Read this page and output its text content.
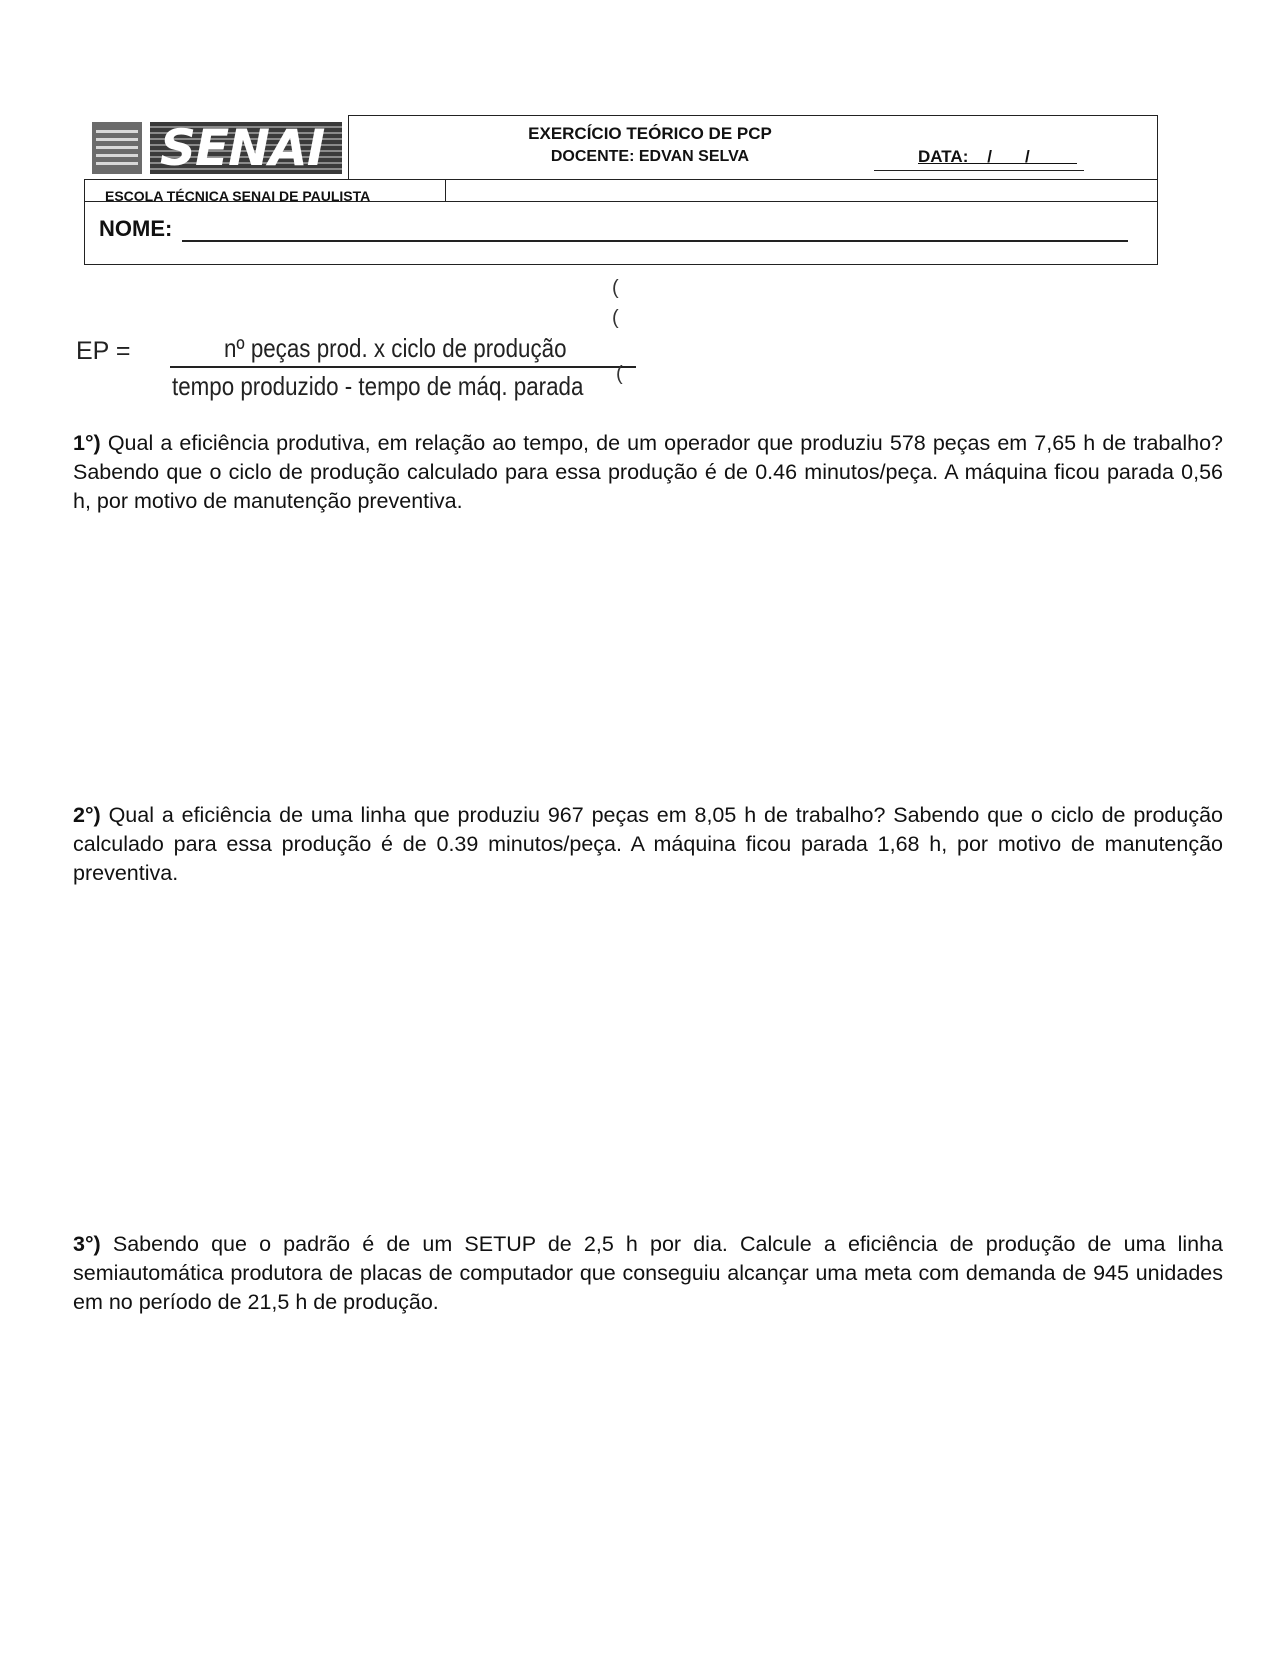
SENAI	EXERCÍCIO TEÓRICO DE PCP
DOCENTE: EDVAN SELVA	DATA:    /       /
ESCOLA TÉCNICA SENAI DE PAULISTA
NOME:
EP =	nº peças prod. x ciclo de produção
tempo produzido - tempo de máq. parada
(
(
(
1°) Qual a eficiência produtiva, em relação ao tempo, de um operador que produziu 578 peças em 7,65 h de trabalho? Sabendo que o ciclo de produção calculado para essa produção é de 0.46 minutos/peça. A máquina ficou parada 0,56 h, por motivo de manutenção preventiva.
2°) Qual a eficiência de uma linha que produziu 967 peças em 8,05 h de trabalho? Sabendo que o ciclo de produção calculado para essa produção é de 0.39 minutos/peça. A máquina ficou parada 1,68 h, por motivo de manutenção preventiva.
3°) Sabendo que o padrão é de um SETUP de 2,5 h por dia. Calcule a eficiência de produção de uma linha semiautomática produtora de placas de computador que conseguiu alcançar uma meta com demanda de 945 unidades em no período de 21,5 h de produção.
